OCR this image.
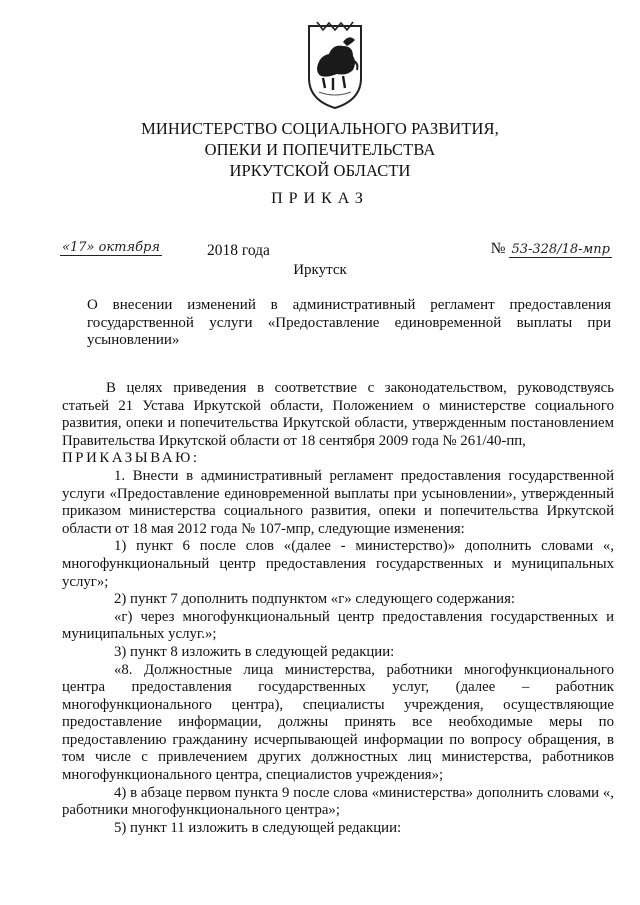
МИНИСТЕРСТВО СОЦИАЛЬНОГО РАЗВИТИЯ,
ОПЕКИ И ПОПЕЧИТЕЛЬСТВА
ИРКУТСКОЙ ОБЛАСТИ
ПРИКАЗ
«17» октября	2018 года	№ 53-328/18-мпр
Иркутск
О внесении изменений в административный регламент предоставления государственной услуги «Предоставление единовременной выплаты при усыновлении»

В целях приведения в соответствие с законодательством, руководствуясь статьей 21 Устава Иркутской области, Положением о министерстве социального развития, опеки и попечительства Иркутской области, утвержденным постановлением Правительства Иркутской области от 18 сентября 2009 года № 261/40-пп,

ПРИКАЗЫВАЮ:

1. Внести в административный регламент предоставления государственной услуги «Предоставление единовременной выплаты при усыновлении», утвержденный приказом министерства социального развития, опеки и попечительства Иркутской области от 18 мая 2012 года № 107-мпр, следующие изменения:

1) пункт 6 после слов «(далее - министерство)» дополнить словами «, многофункциональный центр предоставления государственных и муниципальных услуг»;

2) пункт 7 дополнить подпунктом «г» следующего содержания:

«г) через многофункциональный центр предоставления государственных и муниципальных услуг.»;

3) пункт 8 изложить в следующей редакции:

«8. Должностные лица министерства, работники многофункционального центра предоставления государственных услуг, (далее – работник многофункционального центра), специалисты учреждения, осуществляющие предоставление информации, должны принять все необходимые меры по предоставлению гражданину исчерпывающей информации по вопросу обращения, в том числе с привлечением других должностных лиц министерства, работников многофункционального центра, специалистов учреждения»;

4) в абзаце первом пункта 9 после слова «министерства» дополнить словами «, работники многофункционального центра»;

5) пункт 11 изложить в следующей редакции:
